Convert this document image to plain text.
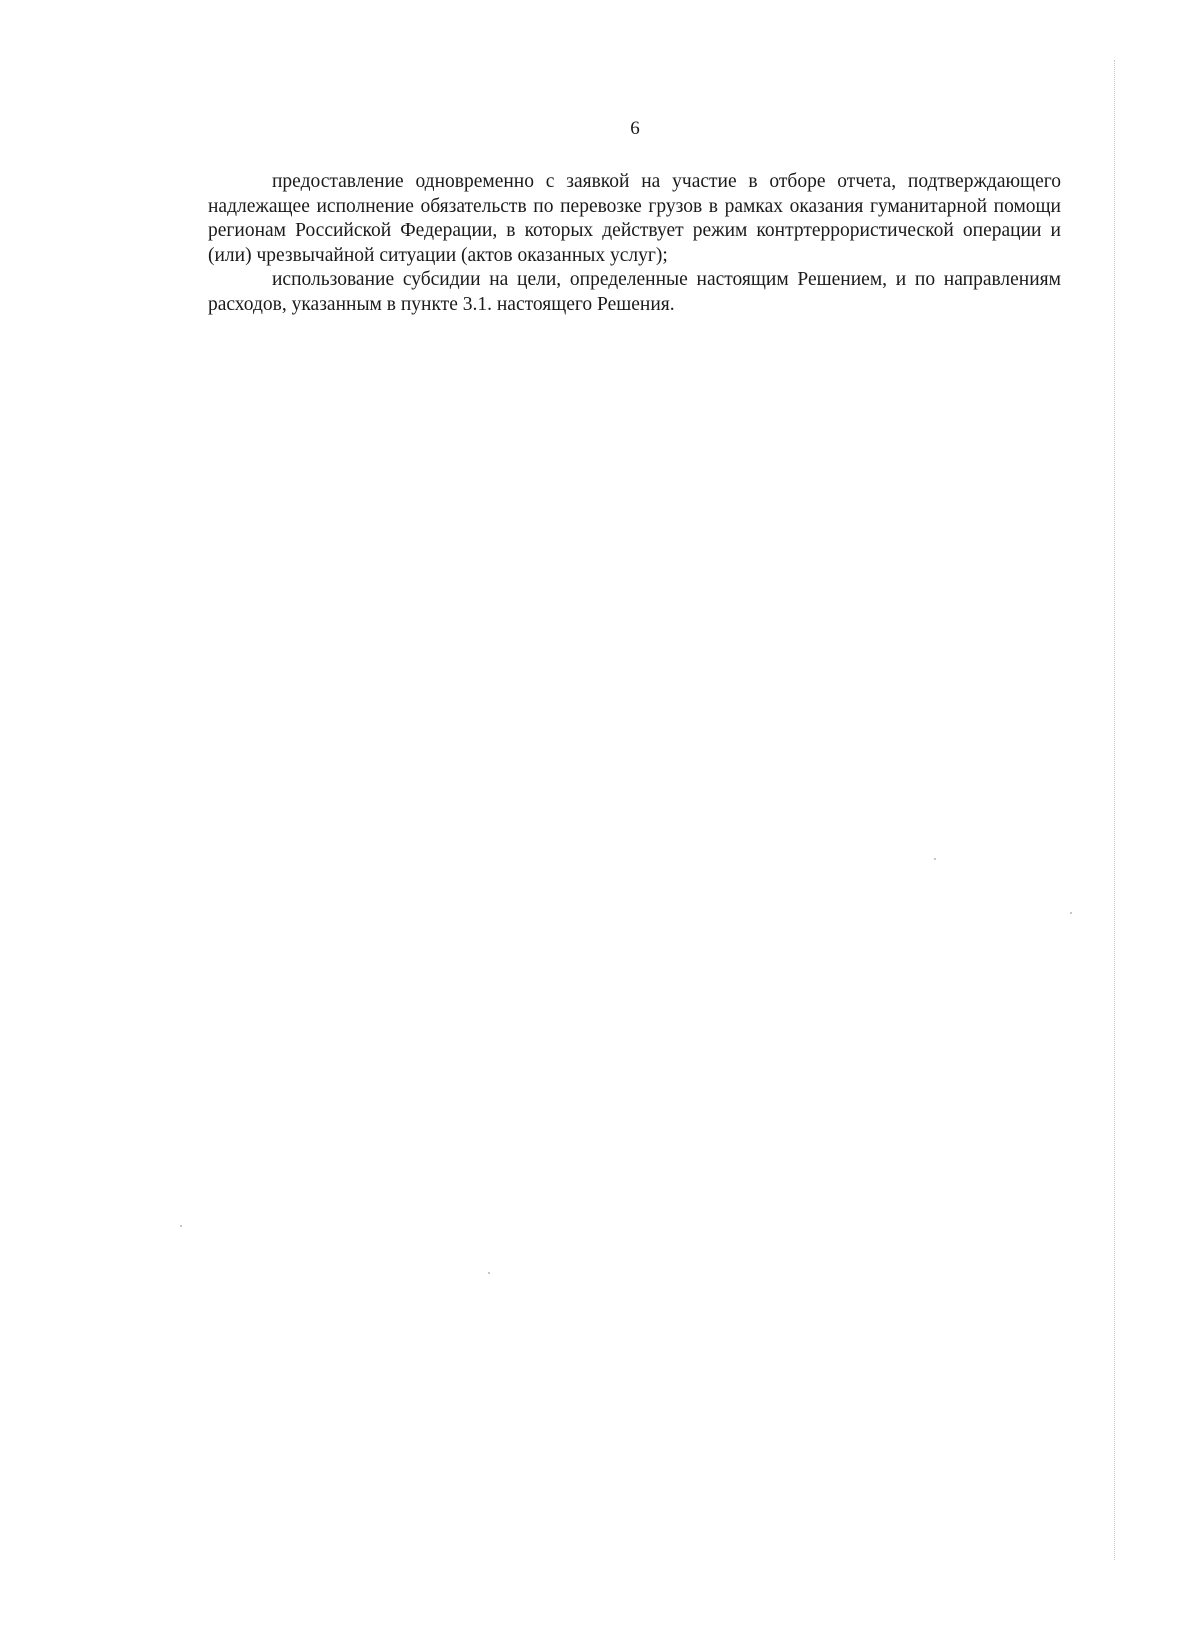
6

предоставление одновременно с заявкой на участие в отборе отчета, подтверждающего надлежащее исполнение обязательств по перевозке грузов в рамках оказания гуманитарной помощи регионам Российской Федерации, в которых действует режим контртеррористической операции и (или) чрезвычайной ситуации (актов оказанных услуг);

использование субсидии на цели, определенные настоящим Решением, и по направлениям расходов, указанным в пункте 3.1. настоящего Решения.
